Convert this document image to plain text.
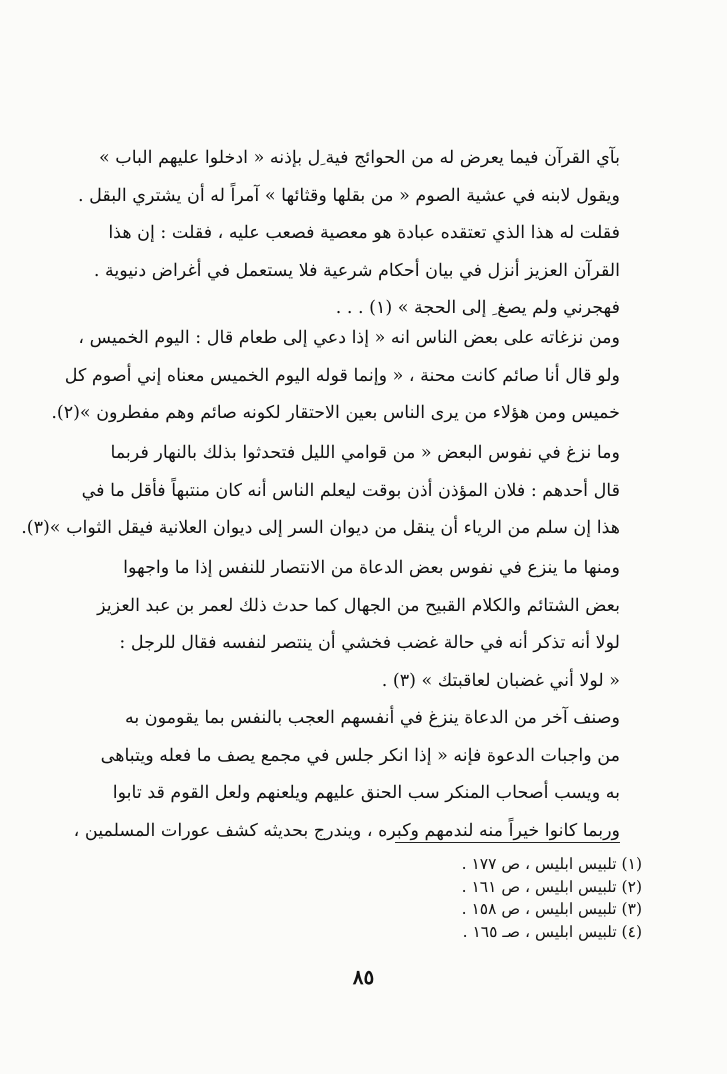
بآي القرآن فيما يعرض له من الحوائج فية ِل بإذنه « ادخلوا عليهم الباب »
ويقول لابنه في عشية الصوم « من بقلها وقثائها » آمراً له أن يشتري البقل .
فقلت له هذا الذي تعتقده عبادة هو معصية فصعب عليه ، فقلت : إن هذا
القرآن العزيز أنزل في بيان أحكام شرعية فلا يستعمل في أغراض دنيوية .
فهجرني ولم يصغ ِ إلى الحجة » (١) . . .
ومن نزغاته على بعض الناس انه « إذا دعي إلى طعام قال : اليوم الخميس ،
ولو قال أنا صائم كانت محنة ، « وإنما قوله اليوم الخميس معناه إني أصوم كل
خميس ومن هؤلاء من يرى الناس بعين الاحتقار لكونه صائم وهم مفطرون »(٢).
وما نزغ في نفوس البعض « من قوامي الليل فتحدثوا بذلك بالنهار فربما
قال أحدهم : فلان المؤذن أذن بوقت ليعلم الناس أنه كان منتبهاً فأقل ما في
هذا إن سلم من الرياء أن ينقل من ديوان السر إلى ديوان العلانية فيقل الثواب »(٣).
ومنها ما ينزع في نفوس بعض الدعاة من الانتصار للنفس إذا ما واجهوا
بعض الشتائم والكلام القبيح من الجهال كما حدث ذلك لعمر بن عبد العزيز
لولا أنه تذكر أنه في حالة غضب فخشي أن ينتصر لنفسه فقال للرجل :
« لولا أني غضبان لعاقبتك » (٣) .
وصنف آخر من الدعاة ينزغ في أنفسهم العجب بالنفس بما يقومون به
من واجبات الدعوة فإنه « إذا انكر جلس في مجمع يصف ما فعله ويتباهى
به ويسب أصحاب المنكر سب الحنق عليهم ويلعنهم ولعل القوم قد تابوا
وربما كانوا خيراً منه لندمهم وكبره ، ويندرج بحديثه كشف عورات المسلمين ،
(١) تلبيس ابليس ، ص ١٧٧ .
(٢) تلبيس ابليس ، ص ١٦١ .
(٣) تلبيس ابليس ، ص ١٥٨ .
(٤) تلبيس ابليس ، صـ ١٦٥ .
٨٥
